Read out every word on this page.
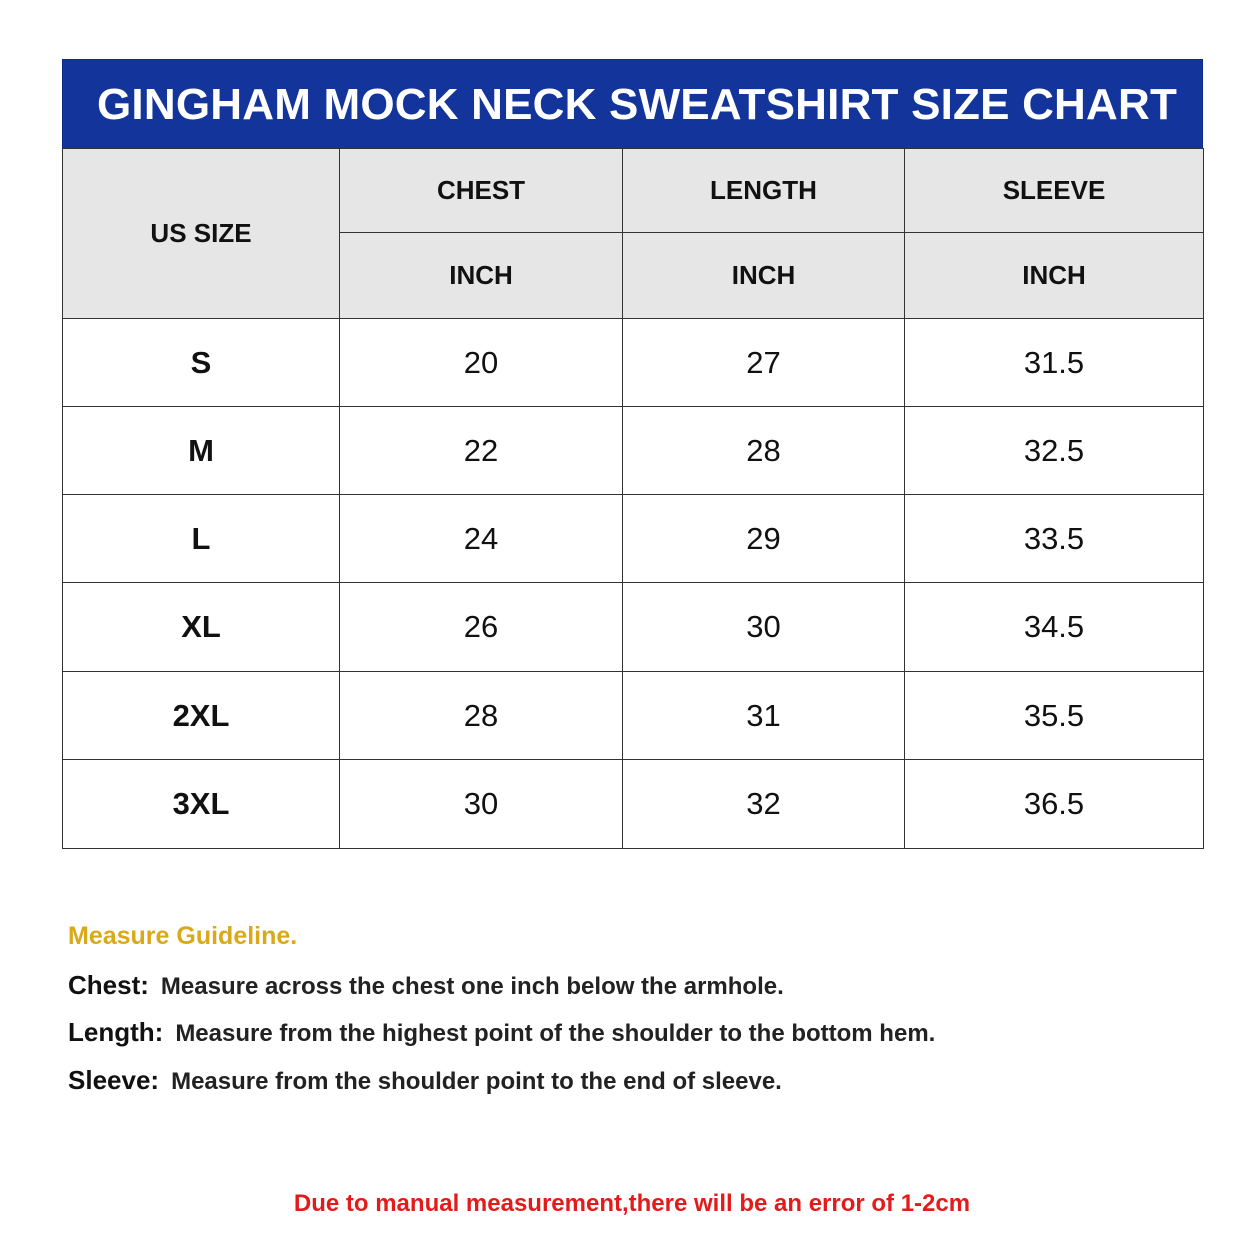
GINGHAM MOCK NECK SWEATSHIRT SIZE CHART
US SIZE	CHEST	LENGTH	SLEEVE
	INCH	INCH	INCH
S	20	27	31.5
M	22	28	32.5
L	24	29	33.5
XL	26	30	34.5
2XL	28	31	35.5
3XL	30	32	36.5
Measure Guideline.
Chest: Measure across the chest one inch below the armhole.
Length: Measure from the highest point of the shoulder to the bottom hem.
Sleeve: Measure from the shoulder point to the end of sleeve.
Due to manual measurement,there will be an error of 1-2cm
